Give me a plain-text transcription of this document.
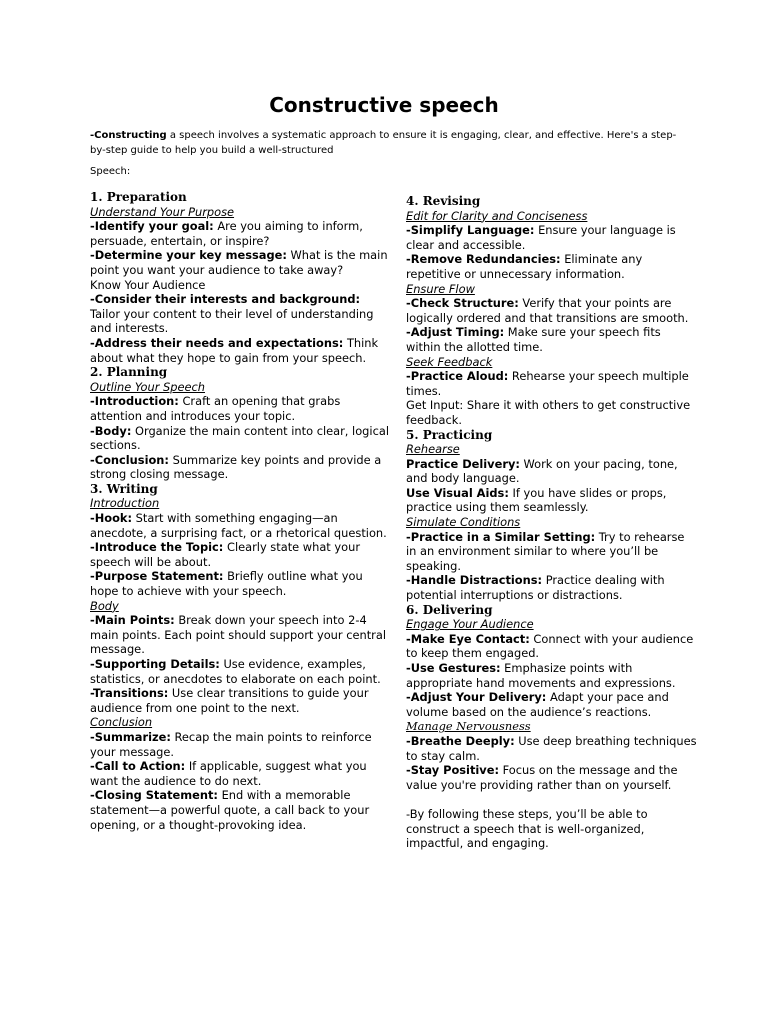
Constructive speech
-Constructing a speech involves a systematic approach to ensure it is engaging, clear, and effective. Here's a step-by-step guide to help you build a well-structured
Speech:
1. Preparation
Understand Your Purpose
-Identify your goal: Are you aiming to inform, persuade, entertain, or inspire?
-Determine your key message: What is the main point you want your audience to take away?
Know Your Audience
-Consider their interests and background: Tailor your content to their level of understanding and interests.
-Address their needs and expectations: Think about what they hope to gain from your speech.
2. Planning
Outline Your Speech
-Introduction: Craft an opening that grabs attention and introduces your topic.
-Body: Organize the main content into clear, logical sections.
-Conclusion: Summarize key points and provide a strong closing message.
3. Writing
Introduction
-Hook: Start with something engaging—an anecdote, a surprising fact, or a rhetorical question.
-Introduce the Topic: Clearly state what your speech will be about.
-Purpose Statement: Briefly outline what you hope to achieve with your speech.
Body
-Main Points: Break down your speech into 2-4 main points. Each point should support your central message.
-Supporting Details: Use evidence, examples, statistics, or anecdotes to elaborate on each point.
-Transitions: Use clear transitions to guide your audience from one point to the next.
Conclusion
-Summarize: Recap the main points to reinforce your message.
-Call to Action: If applicable, suggest what you want the audience to do next.
-Closing Statement: End with a memorable statement—a powerful quote, a call back to your opening, or a thought-provoking idea.
4. Revising
Edit for Clarity and Conciseness
-Simplify Language: Ensure your language is clear and accessible.
-Remove Redundancies: Eliminate any repetitive or unnecessary information.
Ensure Flow
-Check Structure: Verify that your points are logically ordered and that transitions are smooth.
-Adjust Timing: Make sure your speech fits within the allotted time.
Seek Feedback
-Practice Aloud: Rehearse your speech multiple times.
Get Input: Share it with others to get constructive feedback.
5. Practicing
Rehearse
Practice Delivery: Work on your pacing, tone, and body language.
Use Visual Aids: If you have slides or props, practice using them seamlessly.
Simulate Conditions
-Practice in a Similar Setting: Try to rehearse in an environment similar to where you’ll be speaking.
-Handle Distractions: Practice dealing with potential interruptions or distractions.
6. Delivering
Engage Your Audience
-Make Eye Contact: Connect with your audience to keep them engaged.
-Use Gestures: Emphasize points with appropriate hand movements and expressions.
-Adjust Your Delivery: Adapt your pace and volume based on the audience’s reactions.
Manage Nervousness
-Breathe Deeply: Use deep breathing techniques to stay calm.
-Stay Positive: Focus on the message and the value you're providing rather than on yourself.
-By following these steps, you’ll be able to construct a speech that is well-organized, impactful, and engaging.
